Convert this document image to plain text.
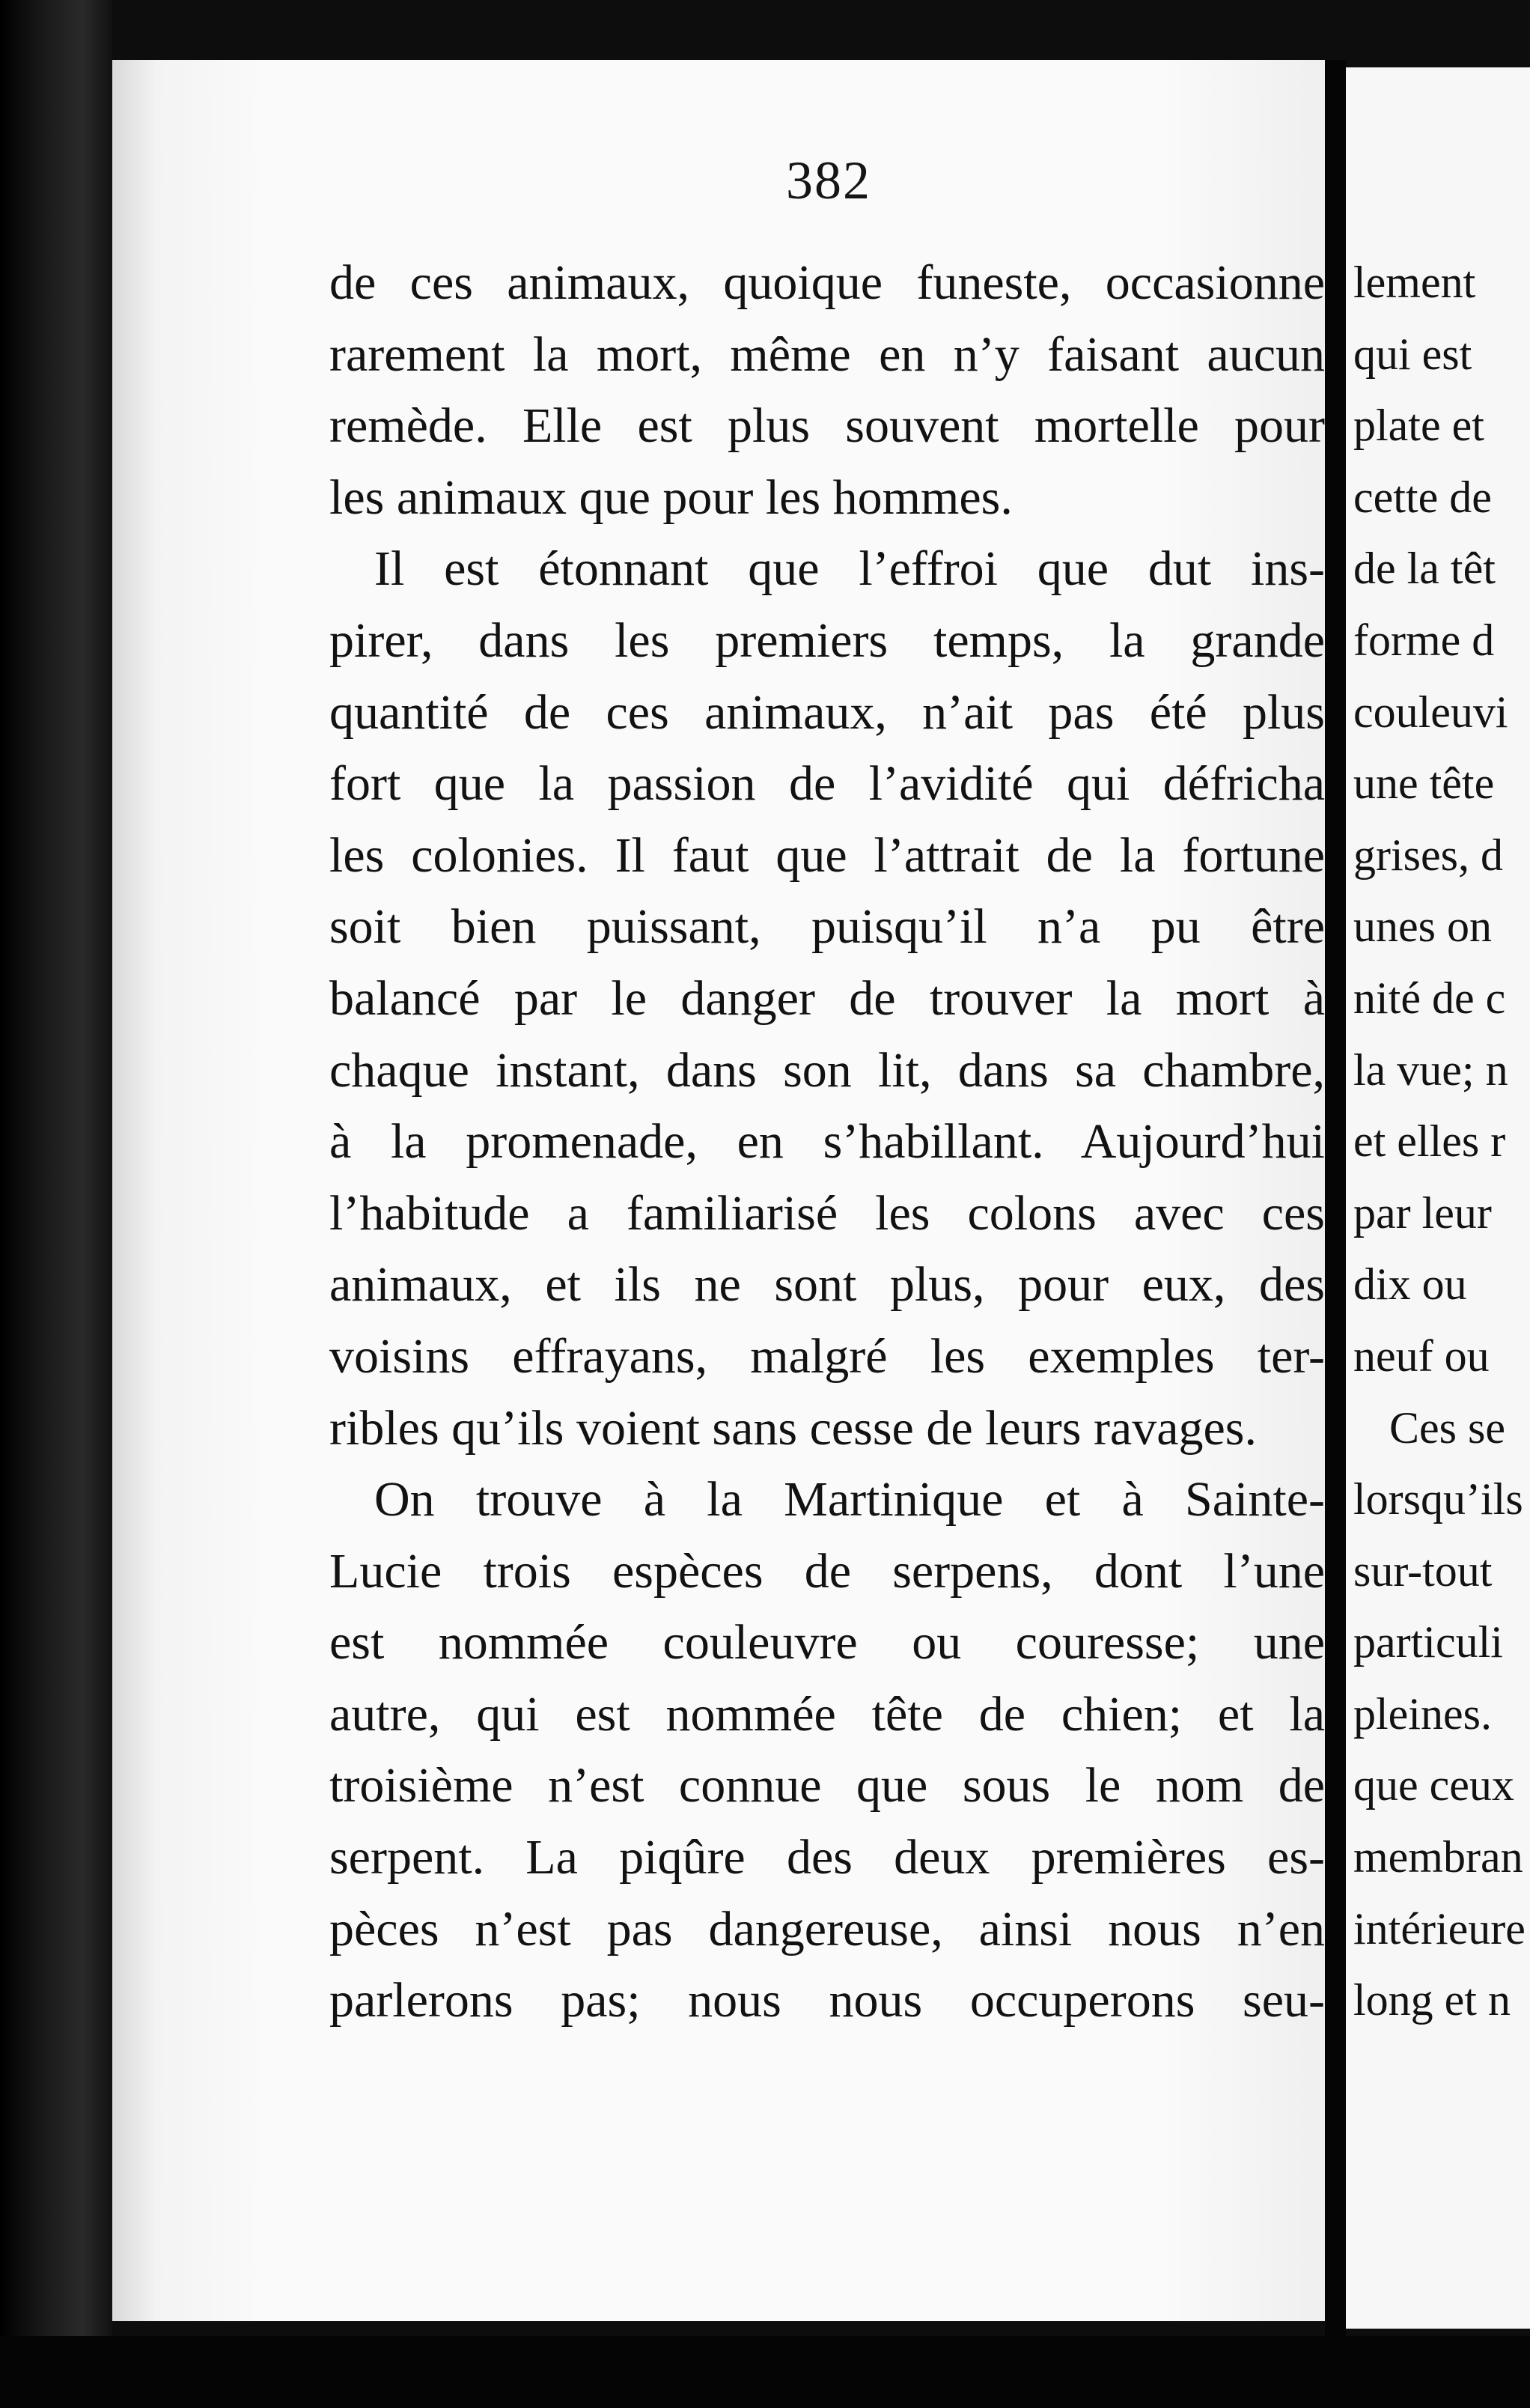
382
de ces animaux, quoique funeste, occasionne
rarement la mort, même en n’y faisant aucun
remède. Elle est plus souvent mortelle pour
les animaux que pour les hommes.
Il est étonnant que l’effroi que dut ins-
pirer, dans les premiers temps, la grande
quantité de ces animaux, n’ait pas été plus
fort que la passion de l’avidité qui défricha
les colonies. Il faut que l’attrait de la fortune
soit bien puissant, puisqu’il n’a pu être
balancé par le danger de trouver la mort à
chaque instant, dans son lit, dans sa chambre,
à la promenade, en s’habillant. Aujourd’hui
l’habitude a familiarisé les colons avec ces
animaux, et ils ne sont plus, pour eux, des
voisins effrayans, malgré les exemples ter-
ribles qu’ils voient sans cesse de leurs ravages.
On trouve à la Martinique et à Sainte-
Lucie trois espèces de serpens, dont l’une
est nommée couleuvre ou couresse; une
autre, qui est nommée tête de chien; et la
troisième n’est connue que sous le nom de
serpent. La piqûre des deux premières es-
pèces n’est pas dangereuse, ainsi nous n’en
parlerons pas; nous nous occuperons seu-
lement
qui est
plate et
cette de
de la têt
forme d
couleuvi
une tête
grises, d
unes on
nité de c
la vue; n
et elles r
par leur
dix ou
neuf ou
Ces se
lorsqu’ils
sur-tout
particuli
pleines.
que ceux
membran
intérieure
long et n
